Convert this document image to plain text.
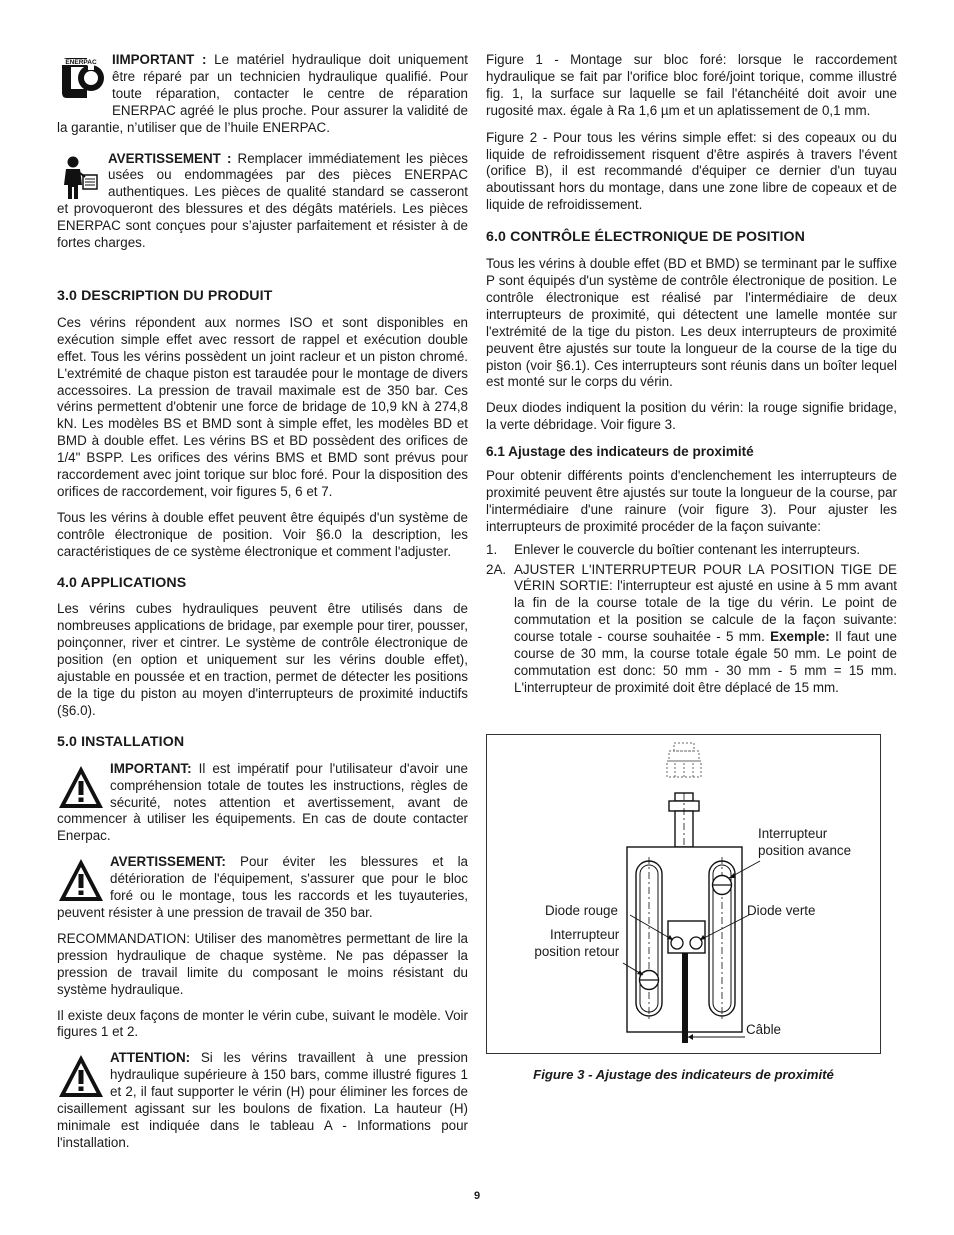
ENERPAC	IIMPORTANT : Le matériel hydraulique doit uniquement être réparé par un technicien hydraulique qualifié. Pour toute réparation, contacter le centre de réparation ENERPAC agréé le plus proche. Pour assurer la validité de la garantie, n’utiliser que de l’huile ENERPAC.

AVERTISSEMENT : Remplacer immédiatement les pièces usées ou endommagées par des pièces ENERPAC authentiques. Les pièces de qualité standard se casseront et provoqueront des blessures et des dégâts matériels. Les pièces ENERPAC sont conçues pour s’ajuster parfaitement et résister à de fortes charges.

3.0 DESCRIPTION DU PRODUIT

Ces vérins répondent aux normes ISO et sont disponibles en exécution simple effet avec ressort de rappel et exécution double effet. Tous les vérins possèdent un joint racleur et un piston chromé. L'extrémité de chaque piston est taraudée pour le montage de divers accessoires. La pression de travail maximale est de 350 bar. Ces vérins permettent d'obtenir une force de bridage de 10,9 kN à 274,8 kN. Les modèles BS et BMD sont à simple effet, les modèles BD et BMD à double effet. Les vérins BS et BD possèdent des orifices de 1/4" BSPP. Les orifices des vérins BMS et BMD sont prévus pour raccordement avec joint torique sur bloc foré. Pour la disposition des orifices de raccordement, voir figures 5, 6 et 7.

Tous les vérins à double effet peuvent être équipés d'un système de contrôle électronique de position. Voir §6.0 la description, les caractéristiques de ce système électronique et comment l'adjuster.

4.0 APPLICATIONS

Les vérins cubes hydrauliques peuvent être utilisés dans de nombreuses applications de bridage, par exemple pour tirer, pousser, poinçonner, river et cintrer. Le système de contrôle électronique de position (en option et uniquement sur les vérins double effet), ajustable en poussée et en traction, permet de détecter les positions de la tige du piston au moyen d'interrupteurs de proximité inductifs (§6.0).

5.0 INSTALLATION

IMPORTANT: Il est impératif pour l'utilisateur d'avoir une compréhension totale de toutes les instructions, règles de sécurité, notes attention et avertissement, avant de commencer à utiliser les équipements. En cas de doute contacter Enerpac.

AVERTISSEMENT: Pour éviter les blessures et la détérioration de l'équipement, s'assurer que pour le bloc foré ou le montage, tous les raccords et les tuyauteries, peuvent résister à une pression de travail de 350 bar.

RECOMMANDATION: Utiliser des manomètres permettant de lire la pression hydraulique de chaque système. Ne pas dépasser la pression de travail limite du composant le moins résistant du système hydraulique.

Il existe deux façons de monter le vérin cube, suivant le modèle. Voir figures 1 et 2.

ATTENTION: Si les vérins travaillent à une pression hydraulique supérieure à 150 bars, comme illustré figures 1 et 2, il faut supporter le vérin (H) pour éliminer les forces de cisaillement agissant sur les boulons de fixation. La hauteur (H) minimale est indiquée dans le tableau A - Informations pour l'installation.

Figure 1 - Montage sur bloc foré: lorsque le raccordement hydraulique se fait par l'orifice bloc foré/joint torique, comme illustré fig. 1, la surface sur laquelle se fail l'étanchéité doit avoir une rugosité max. égale à Ra 1,6 µm et un aplatissement de 0,1 mm.

Figure 2 - Pour tous les vérins simple effet: si des copeaux ou du liquide de refroidissement risquent d'être aspirés à travers l'évent (orifice B), il est recommandé d'équiper ce dernier d'un tuyau aboutissant hors du montage, dans une zone libre de copeaux et de liquide de refroidissement.

6.0 CONTRÔLE ÉLECTRONIQUE DE POSITION

Tous les vérins à double effet (BD et BMD) se terminant par le suffixe P sont équipés d'un système de contrôle électronique de position. Le contrôle électronique est réalisé par l'intermédiaire de deux interrupteurs de proximité, qui détectent une lamelle montée sur l'extrémité de la tige du piston. Les deux interrupteurs de proximité peuvent être ajustés sur toute la longueur de la course de la tige du piston (voir §6.1). Ces interrupteurs sont réunis dans un boîter lequel est monté sur le corps du vérin.

Deux diodes indiquent la position du vérin: la rouge signifie bridage, la verte débridage. Voir figure 3.

6.1 Ajustage des indicateurs de proximité

Pour obtenir différents points d'enclenchement les interrupteurs de proximité peuvent être ajustés sur toute la longueur de la course, par l'intermédiaire d'une rainure (voir figure 3). Pour ajuster les interrupteurs de proximité procéder de la façon suivante:

1. Enlever le couvercle du boîtier contenant les interrupteurs.
2A. AJUSTER L'INTERRUPTEUR POUR LA POSITION TIGE DE VÉRIN SORTIE: l'interrupteur est ajusté en usine à 5 mm avant la fin de la course totale de la tige du vérin. Le point de commutation et la position se calcule de la façon suivante: course totale - course souhaitée - 5 mm. Exemple: Il faut une course de 30 mm, la course totale égale 50 mm. Le point de commutation est donc: 50 mm - 30 mm - 5 mm = 15 mm. L'interrupteur de proximité doit être déplacé de 15 mm.
Interrupteur
position avance
Diode rouge	Diode verte
Interrupteur
position retour
Câble
Figure 3 - Ajustage des indicateurs de proximité
9
